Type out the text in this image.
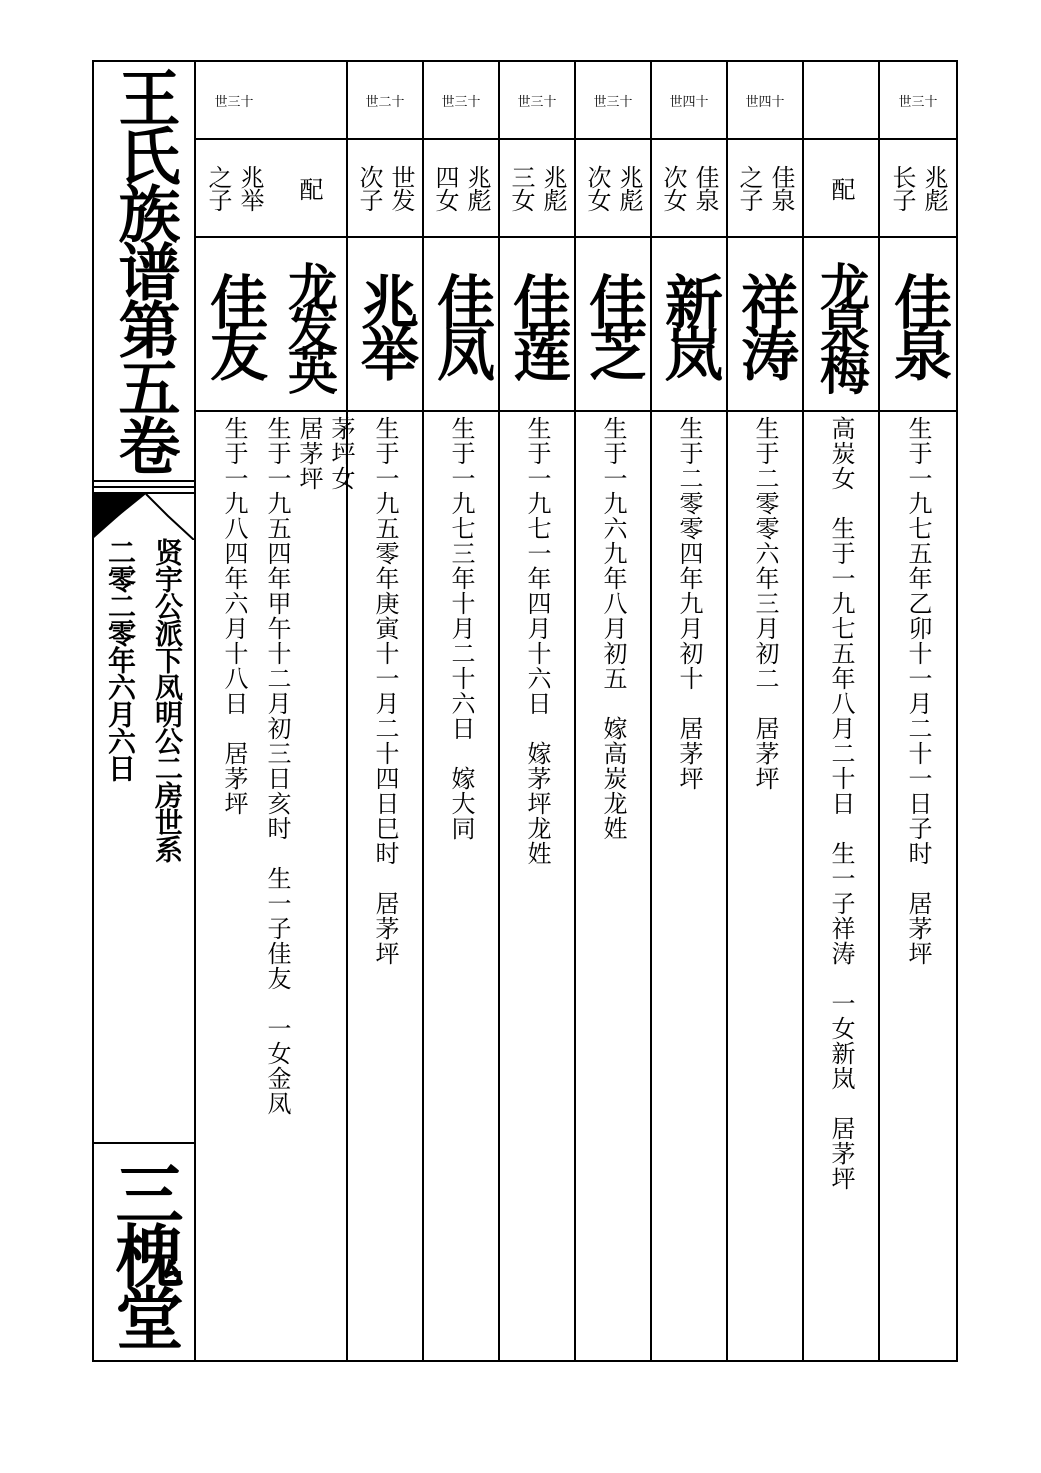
王氏族谱第五卷
贤宇公派下凤明公二房世系
二零二零年六月六日
三槐堂
世三十
兆彪
长子
佳泉
生于一九七五年乙卯十一月二十一日子时　居茅坪
配
龙泉梅
高炭女　生于一九七五年八月二十日　生一子祥涛　一女新岚　居茅坪
世四十
佳泉
之子
祥涛
生于二零零六年三月初二　居茅坪
世四十
佳泉
次女
新岚
生于二零零四年九月初十　居茅坪
世三十
兆彪
次女
佳芝
生于一九六九年八月初五　嫁高炭龙姓
世三十
兆彪
三女
佳莲
生于一九七一年四月十六日　嫁茅坪龙姓
世三十
兆彪
四女
佳凤
生于一九七三年十月二十六日　嫁大同
世二十
世发
次子
兆举
生于一九五零年庚寅十一月二十四日巳时　居茅坪
配
龙发英
茅坪女
居茅坪
生于一九五四年甲午十二月初三日亥时　生一子佳友　一女金凤
世三十
兆举
之子
佳友
生于一九八四年六月十八日　居茅坪
